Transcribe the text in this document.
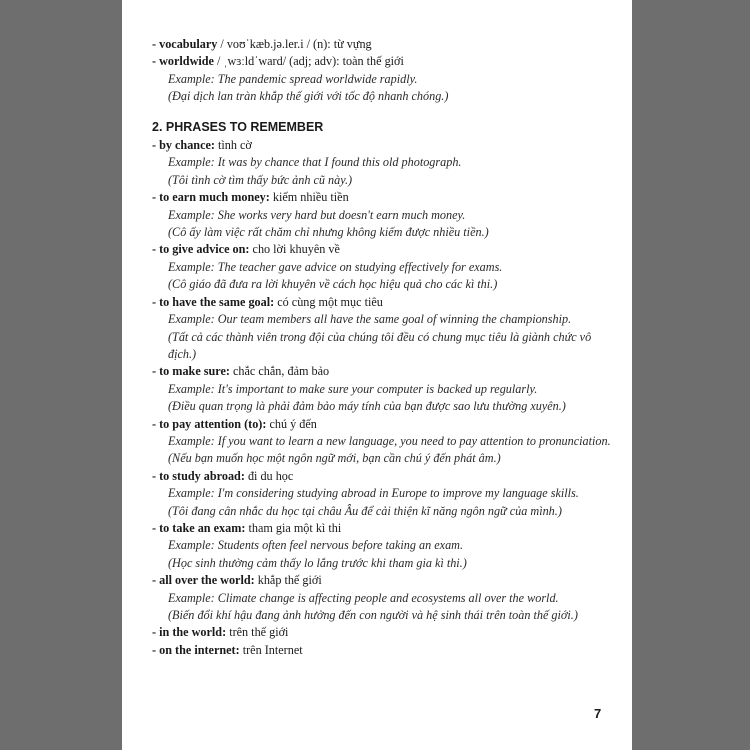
- vocabulary / voʊˈkæb.jə.ler.i / (n): từ vựng
- worldwide / ˌwɜːldˈward/ (adj; adv): toàn thế giới
Example: The pandemic spread worldwide rapidly.
(Đại dịch lan tràn khắp thế giới với tốc độ nhanh chóng.)
2. PHRASES TO REMEMBER
- by chance: tình cờ
Example: It was by chance that I found this old photograph.
(Tôi tình cờ tìm thấy bức ảnh cũ này.)
- to earn much money: kiếm nhiều tiền
Example: She works very hard but doesn't earn much money.
(Cô ấy làm việc rất chăm chỉ nhưng không kiếm được nhiều tiền.)
- to give advice on: cho lời khuyên về
Example: The teacher gave advice on studying effectively for exams.
(Cô giáo đã đưa ra lời khuyên về cách học hiệu quả cho các kì thi.)
- to have the same goal: có cùng một mục tiêu
Example: Our team members all have the same goal of winning the championship.
(Tất cả các thành viên trong đội của chúng tôi đều có chung mục tiêu là giành chức vô địch.)
- to make sure: chắc chắn, đảm bảo
Example: It's important to make sure your computer is backed up regularly.
(Điều quan trọng là phải đảm bảo máy tính của bạn được sao lưu thường xuyên.)
- to pay attention (to): chú ý đến
Example: If you want to learn a new language, you need to pay attention to pronunciation.
(Nếu bạn muốn học một ngôn ngữ mới, bạn cần chú ý đến phát âm.)
- to study abroad: đi du học
Example: I'm considering studying abroad in Europe to improve my language skills.
(Tôi đang cân nhắc du học tại châu Âu để cải thiện kĩ năng ngôn ngữ của mình.)
- to take an exam: tham gia một kì thi
Example: Students often feel nervous before taking an exam.
(Học sinh thường cảm thấy lo lắng trước khi tham gia kì thi.)
- all over the world: khắp thế giới
Example: Climate change is affecting people and ecosystems all over the world.
(Biến đổi khí hậu đang ảnh hưởng đến con người và hệ sinh thái trên toàn thế giới.)
- in the world: trên thế giới
- on the internet: trên Internet
7
